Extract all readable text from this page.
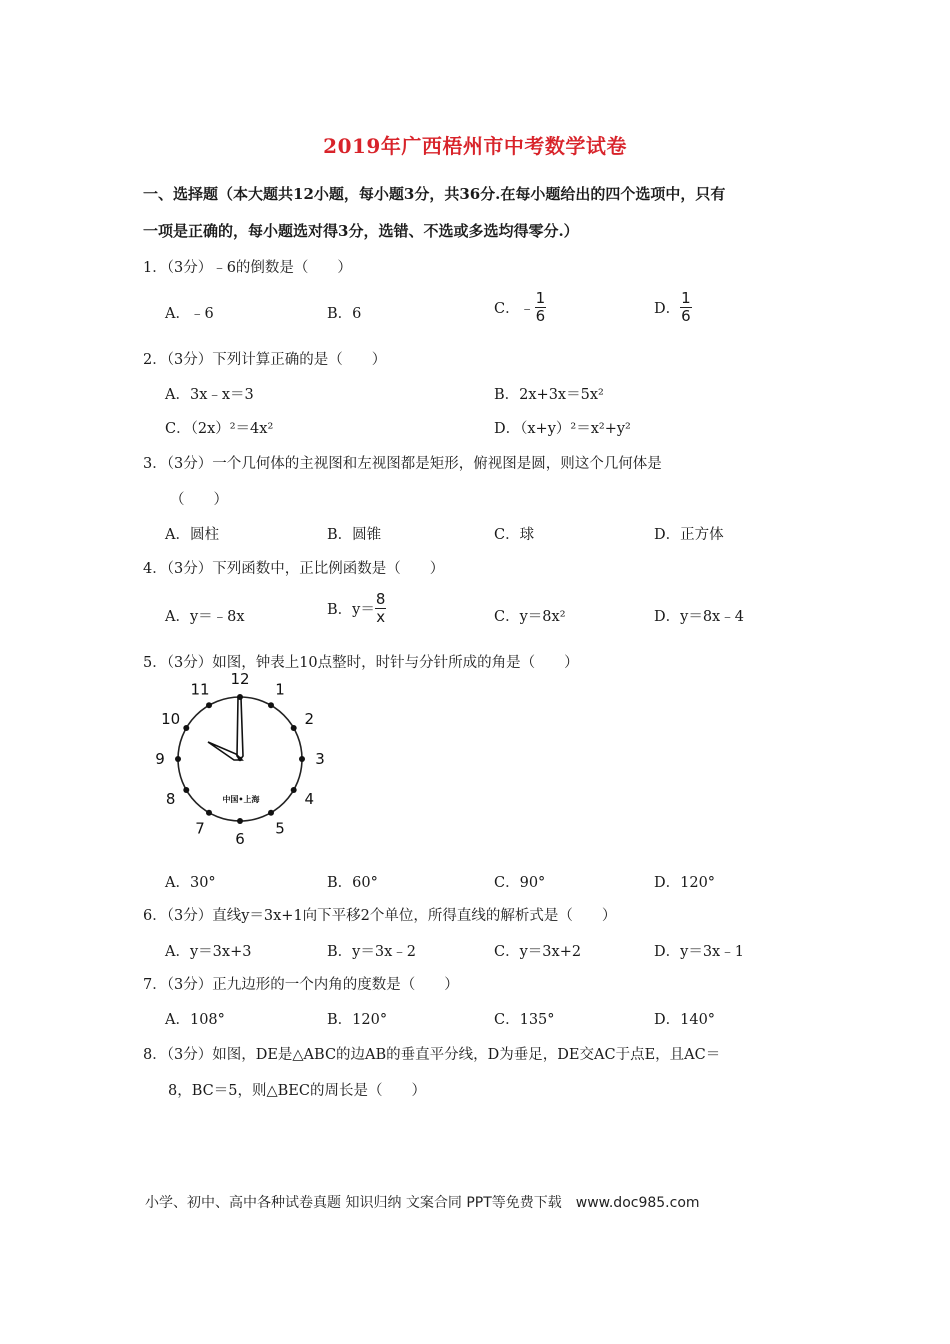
2019年广西梧州市中考数学试卷
一、选择题（本大题共12小题，每小题3分，共36分.在每小题给出的四个选项中，只有
一项是正确的，每小题选对得3分，选错、不选或多选均得零分.）
1．（3分）﹣6的倒数是（　　）
A．﹣6	B．6	C．﹣ $\frac{1}{6}$	D． $\frac{1}{6}$
2．（3分）下列计算正确的是（　　）
A．3x﹣x＝3	B．2x+3x＝5x²
C．（2x）²＝4x²	D．（x+y）²＝x²+y²
3．（3分）一个几何体的主视图和左视图都是矩形，俯视图是圆，则这个几何体是
（　　）
A．圆柱	B．圆锥	C．球	D．正方体
4．（3分）下列函数中，正比例函数是（　　）
A．y＝﹣8x	B．$y= \frac{8}{x}$	C．y＝8x²	D．y＝8x﹣4
5．（3分）如图，钟表上10点整时，时针与分针所成的角是（　　）
12
1
2
3
4
5
6
7
8
9
10
11
中国•上海
A．30°	B．60°	C．90°	D．120°
6．（3分）直线y＝3x+1向下平移2个单位，所得直线的解析式是（　　）
A．y＝3x+3	B．y＝3x﹣2	C．y＝3x+2	D．y＝3x﹣1
7．（3分）正九边形的一个内角的度数是（　　）
A．108°	B．120°	C．135°	D．140°
8．（3分）如图，DE是△ABC的边AB的垂直平分线，D为垂足，DE交AC于点E，且AC＝
8，BC＝5，则△BEC的周长是（　　）
小学、初中、高中各种试卷真题 知识归纳 文案合同 PPT等免费下载　www.doc985.com
